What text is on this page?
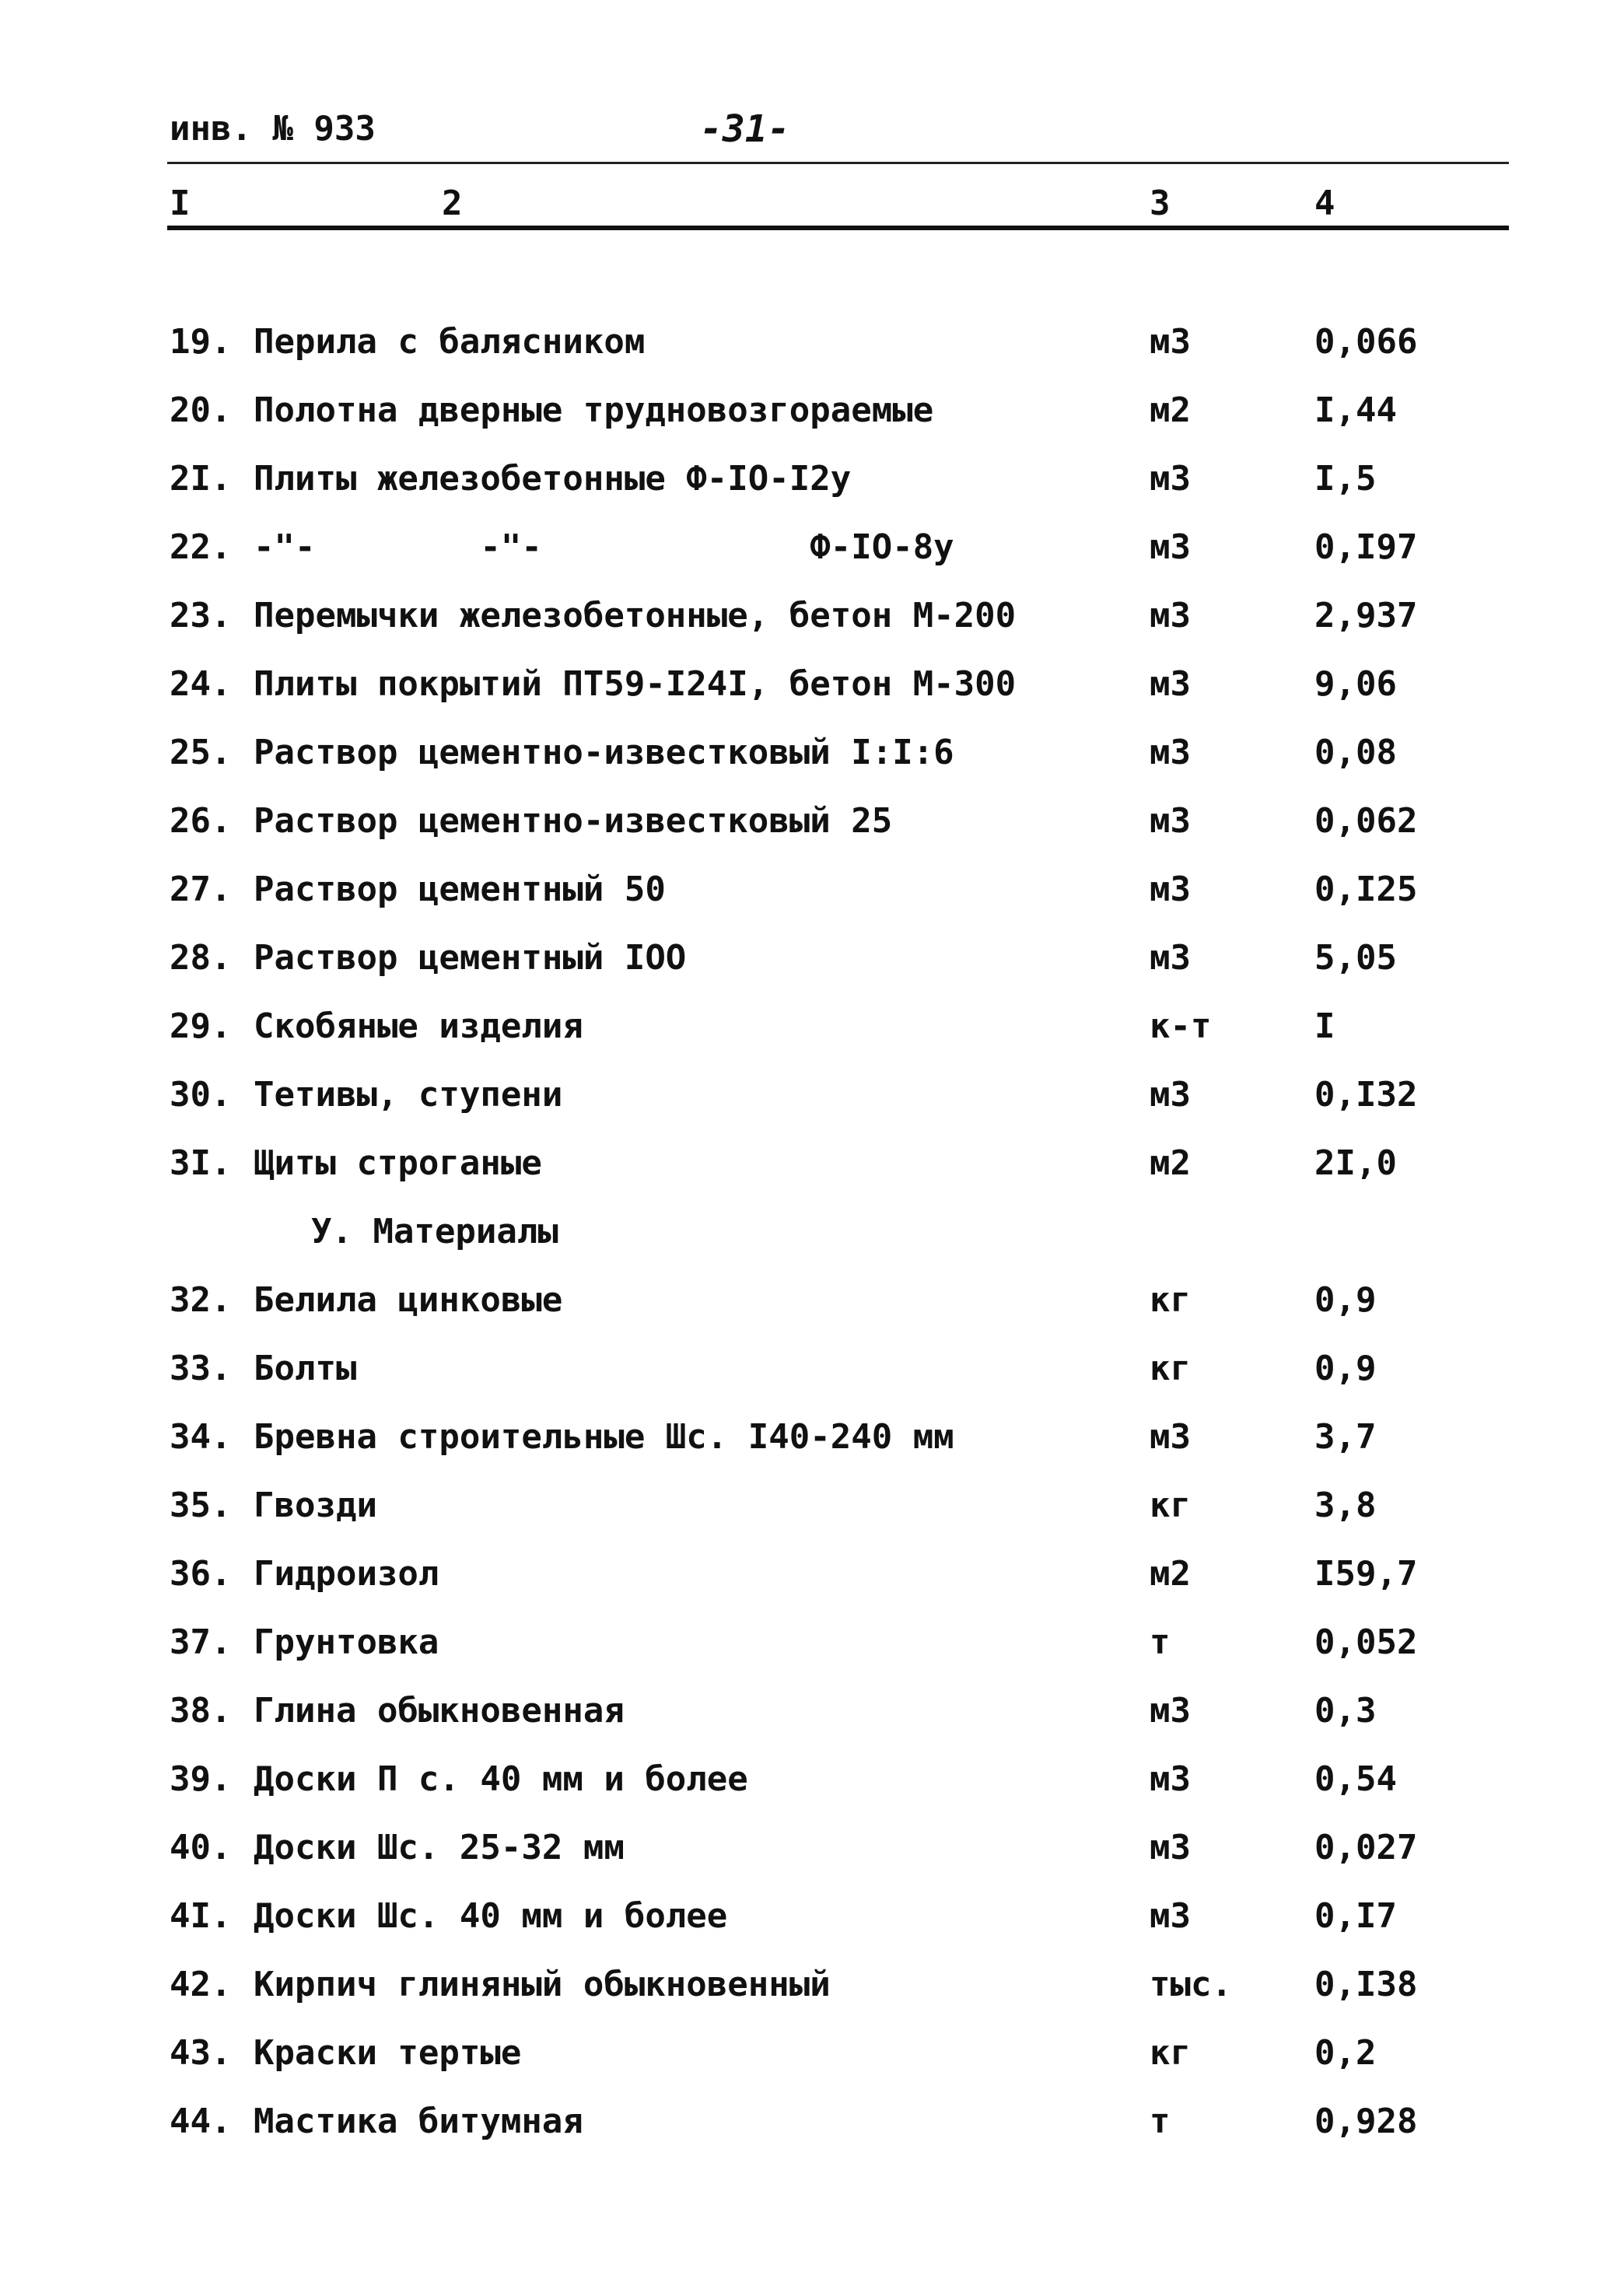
инв. № 933	-31-
I	2	3	4
19. Перила с балясником	м3	0,066
20. Полотна дверные трудновозгораемые	м2	I,44
2I. Плиты железобетонные Ф-IO-I2у	м3	I,5
22. -"-        -"-             Ф-IO-8у	м3	0,I97
23. Перемычки железобетонные, бетон М-200	м3	2,937
24. Плиты покрытий ПТ59-I24I, бетон М-300	м3	9,06
25. Раствор цементно-известковый I:I:6	м3	0,08
26. Раствор цементно-известковый 25	м3	0,062
27. Раствор цементный 50	м3	0,I25
28. Раствор цементный IOO	м3	5,05
29. Скобяные изделия	к-т	I
30. Тетивы, ступени	м3	0,I32
3I. Щиты строганые	м2	2I,0
У. Материалы
32. Белила цинковые	кг	0,9
33. Болты	кг	0,9
34. Бревна строительные Шс. I40-240 мм	м3	3,7
35. Гвозди	кг	3,8
36. Гидроизол	м2	I59,7
37. Грунтовка	т	0,052
38. Глина обыкновенная	м3	0,3
39. Доски П с. 40 мм и более	м3	0,54
40. Доски Шс. 25-32 мм	м3	0,027
4I. Доски Шс. 40 мм и более	м3	0,I7
42. Кирпич глиняный обыкновенный	тыс. 0,I38
43. Краски тертые	кг	0,2
44. Мастика битумная	т	0,928
